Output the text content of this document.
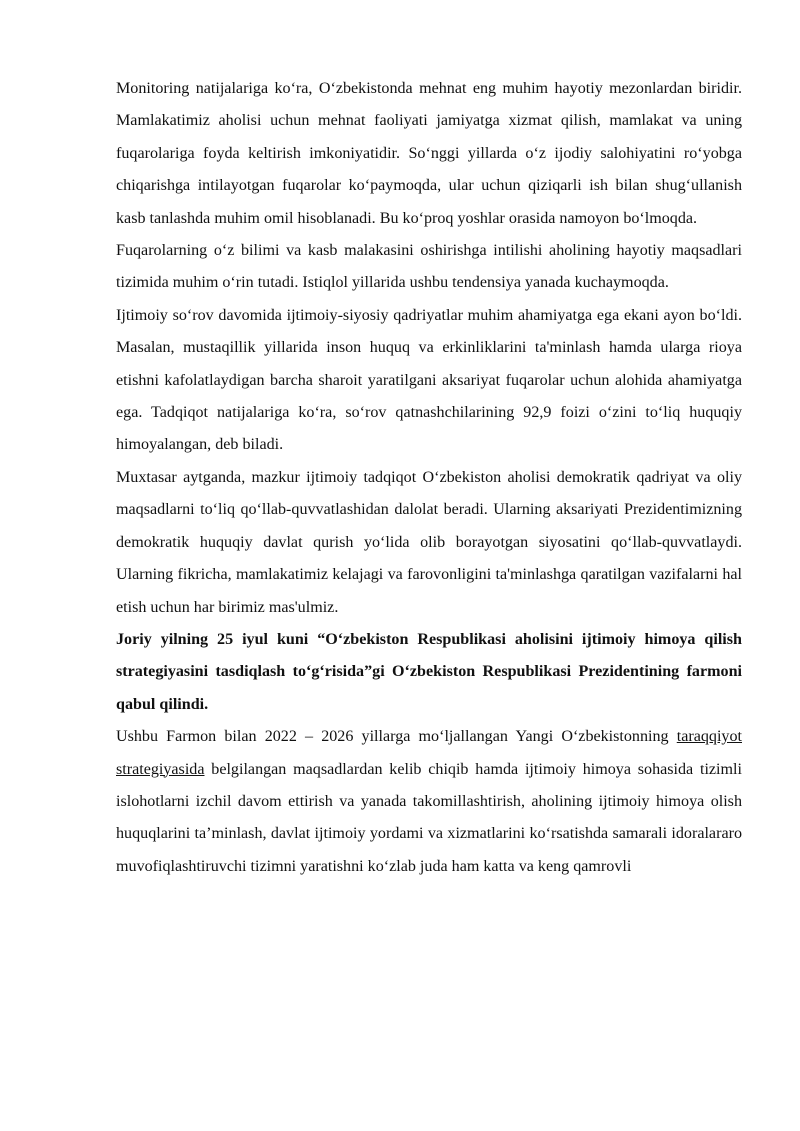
Monitoring natijalariga ko‘ra, O‘zbekistonda mehnat eng muhim hayotiy mezonlardan biridir. Mamlakatimiz aholisi uchun mehnat faoliyati jamiyatga xizmat qilish, mamlakat va uning fuqarolariga foyda keltirish imkoniyatidir. So‘nggi yillarda o‘z ijodiy salohiyatini ro‘yobga chiqarishga intilayotgan fuqarolar ko‘paymoqda, ular uchun qiziqarli ish bilan shug‘ullanish kasb tanlashda muhim omil hisoblanadi. Bu ko‘proq yoshlar orasida namoyon bo‘lmoqda.

Fuqarolarning o‘z bilimi va kasb malakasini oshirishga intilishi aholining hayotiy maqsadlari tizimida muhim o‘rin tutadi. Istiqlol yillarida ushbu tendensiya yanada kuchaymoqda.

Ijtimoiy so‘rov davomida ijtimoiy-siyosiy qadriyatlar muhim ahamiyatga ega ekani ayon bo‘ldi. Masalan, mustaqillik yillarida inson huquq va erkinliklarini ta'minlash hamda ularga rioya etishni kafolatlaydigan barcha sharoit yaratilgani aksariyat fuqarolar uchun alohida ahamiyatga ega. Tadqiqot natijalariga ko‘ra, so‘rov qatnashchilarining 92,9 foizi o‘zini to‘liq huquqiy himoyalangan, deb biladi.

Muxtasar aytganda, mazkur ijtimoiy tadqiqot O‘zbekiston aholisi demokratik qadriyat va oliy maqsadlarni to‘liq qo‘llab-quvvatlashidan dalolat beradi. Ularning aksariyati Prezidentimizning demokratik huquqiy davlat qurish yo‘lida olib borayotgan siyosatini qo‘llab-quvvatlaydi. Ularning fikricha, mamlakatimiz kelajagi va farovonligini ta'minlashga qaratilgan vazifalarni hal etish uchun har birimiz mas'ulmiz.

Joriy yilning 25 iyul kuni “O‘zbekiston Respublikasi aholisini ijtimoiy himoya qilish strategiyasini tasdiqlash to‘g‘risida”gi O‘zbekiston Respublikasi Prezidentining farmoni qabul qilindi.

Ushbu Farmon bilan 2022 – 2026 yillarga mo‘ljallangan Yangi O‘zbekistonning taraqqiyot strategiyasida belgilangan maqsadlardan kelib chiqib hamda ijtimoiy himoya sohasida tizimli islohotlarni izchil davom ettirish va yanada takomillashtirish, aholining ijtimoiy himoya olish huquqlarini ta’minlash, davlat ijtimoiy yordami va xizmatlarini ko‘rsatishda samarali idoralararo muvofiqlashtiruvchi tizimni yaratishni ko‘zlab juda ham katta va keng qamrovli
